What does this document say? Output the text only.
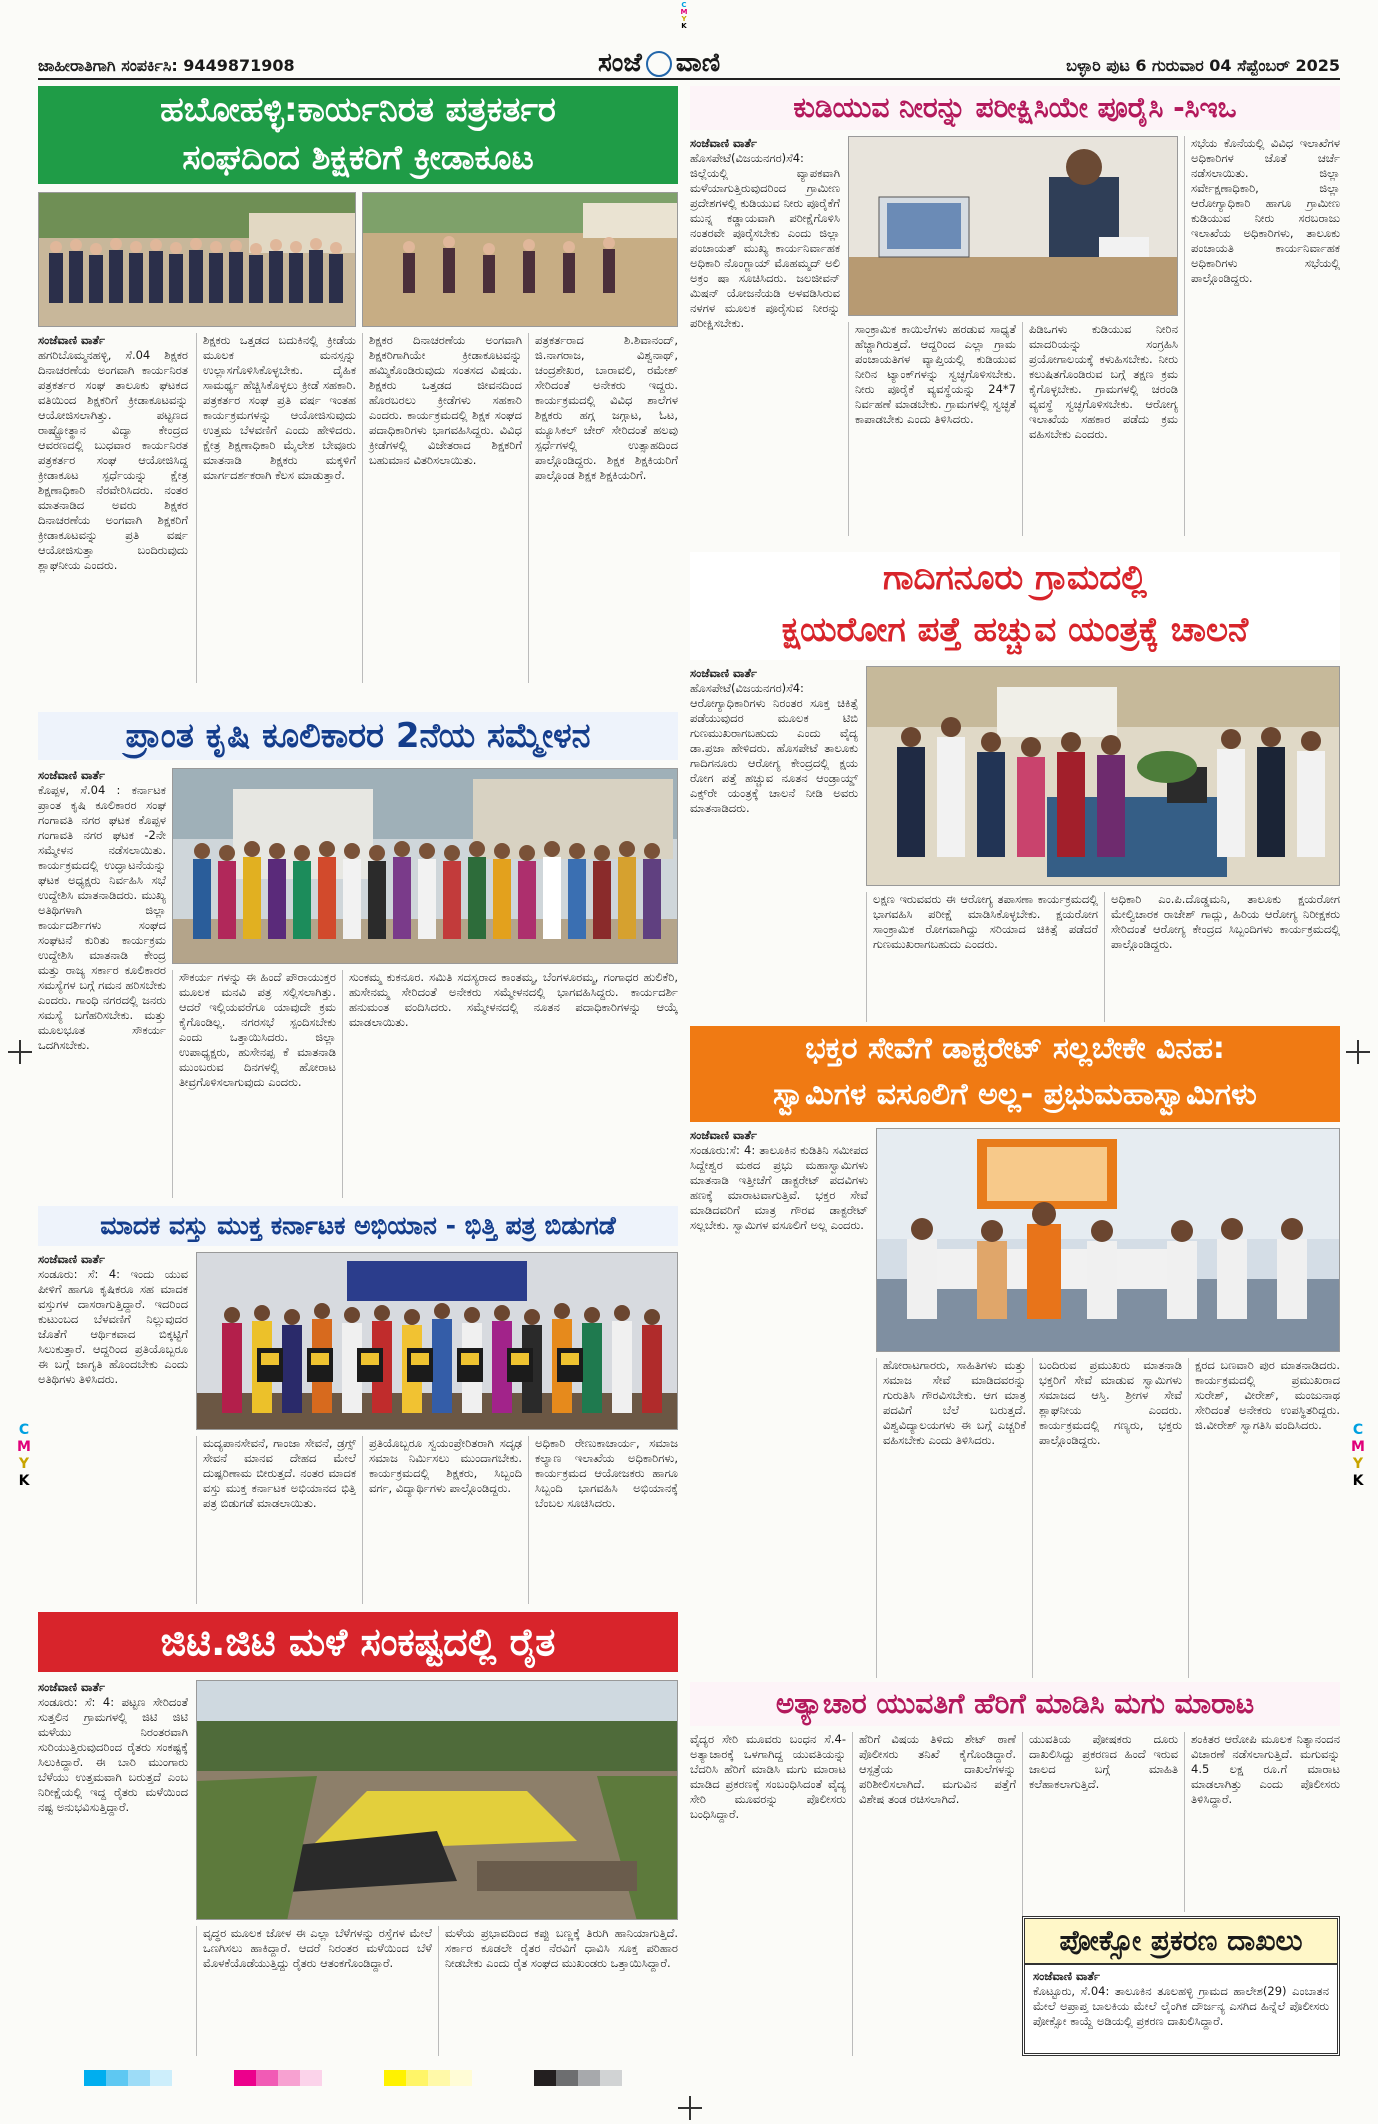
C
M
Y
K
C
M
Y
K
C
M
Y
K
ಜಾಹೀರಾತಿಗಾಗಿ ಸಂಪರ್ಕಿಸಿ: 9449871908	ಸಂಜೆ ವಾಣಿ	ಬಳ್ಳಾರಿ ಪುಟ 6 ಗುರುವಾರ 04 ಸೆಪ್ಟೆಂಬರ್ 2025
ಹಬೋಹಳ್ಳಿ:ಕಾರ್ಯನಿರತ ಪತ್ರಕರ್ತರ
ಸಂಘದಿಂದ ಶಿಕ್ಷಕರಿಗೆ ಕ್ರೀಡಾಕೂಟ
ಸಂಜೆವಾಣಿ ವಾರ್ತೆ
ಹಗರಿಬೊಮ್ಮನಹಳ್ಳಿ, ಸೆ.04 ಶಿಕ್ಷಕರ ದಿನಾಚರಣೆಯ ಅಂಗವಾಗಿ ಕಾರ್ಯನಿರತ ಪತ್ರಕರ್ತರ ಸಂಘ ತಾಲೂಕು ಘಟಕದ ವತಿಯಿಂದ ಶಿಕ್ಷಕರಿಗೆ ಕ್ರೀಡಾಕೂಟವನ್ನು ಆಯೋಜಿಸಲಾಗಿತ್ತು. ಪಟ್ಟಣದ ರಾಷ್ಟ್ರೋತ್ಥಾನ ವಿದ್ಯಾ ಕೇಂದ್ರದ ಆವರಣದಲ್ಲಿ ಬುಧವಾರ ಕಾರ್ಯನಿರತ ಪತ್ರಕರ್ತರ ಸಂಘ ಆಯೋಜಿಸಿದ್ದ ಕ್ರೀಡಾಕೂಟ ಸ್ಪರ್ಧೆಯನ್ನು ಕ್ಷೇತ್ರ ಶಿಕ್ಷಣಾಧಿಕಾರಿ ನೆರವೇರಿಸಿದರು. ನಂತರ ಮಾತನಾಡಿದ ಅವರು ಶಿಕ್ಷಕರ ದಿನಾಚರಣೆಯ ಅಂಗವಾಗಿ ಶಿಕ್ಷಕರಿಗೆ ಕ್ರೀಡಾಕೂಟವನ್ನು ಪ್ರತಿ ವರ್ಷ ಆಯೋಜಿಸುತ್ತಾ ಬಂದಿರುವುದು ಶ್ಲಾಘನೀಯ ಎಂದರು.
ಶಿಕ್ಷಕರು ಒತ್ತಡದ ಬದುಕಿನಲ್ಲಿ ಕ್ರೀಡೆಯ ಮೂಲಕ ಮನಸ್ಸನ್ನು ಉಲ್ಲಾಸಗೊಳಿಸಿಕೊಳ್ಳಬೇಕು. ದೈಹಿಕ ಸಾಮರ್ಥ್ಯ ಹೆಚ್ಚಿಸಿಕೊಳ್ಳಲು ಕ್ರೀಡೆ ಸಹಕಾರಿ. ಪತ್ರಕರ್ತರ ಸಂಘ ಪ್ರತಿ ವರ್ಷ ಇಂತಹ ಕಾರ್ಯಕ್ರಮಗಳನ್ನು ಆಯೋಜಿಸುವುದು ಉತ್ತಮ ಬೆಳವಣಿಗೆ ಎಂದು ಹೇಳಿದರು. ಕ್ಷೇತ್ರ ಶಿಕ್ಷಣಾಧಿಕಾರಿ ಮೈಲೇಶ ಬೇವೂರು ಮಾತನಾಡಿ ಶಿಕ್ಷಕರು ಮಕ್ಕಳಿಗೆ ಮಾರ್ಗದರ್ಶಕರಾಗಿ ಕೆಲಸ ಮಾಡುತ್ತಾರೆ.
ಶಿಕ್ಷಕರ ದಿನಾಚರಣೆಯ ಅಂಗವಾಗಿ ಶಿಕ್ಷಕರಿಗಾಗಿಯೇ ಕ್ರೀಡಾಕೂಟವನ್ನು ಹಮ್ಮಿಕೊಂಡಿರುವುದು ಸಂತಸದ ವಿಷಯ. ಶಿಕ್ಷಕರು ಒತ್ತಡದ ಜೀವನದಿಂದ ಹೊರಬರಲು ಕ್ರೀಡೆಗಳು ಸಹಕಾರಿ ಎಂದರು. ಕಾರ್ಯಕ್ರಮದಲ್ಲಿ ಶಿಕ್ಷಕ ಸಂಘದ ಪದಾಧಿಕಾರಿಗಳು ಭಾಗವಹಿಸಿದ್ದರು. ವಿವಿಧ ಕ್ರೀಡೆಗಳಲ್ಲಿ ವಿಜೇತರಾದ ಶಿಕ್ಷಕರಿಗೆ ಬಹುಮಾನ ವಿತರಿಸಲಾಯಿತು.
ಪತ್ರಕರ್ತರಾದ ಶಿ.ಶಿವಾನಂದ್, ಜಿ.ನಾಗರಾಜ, ವಿಶ್ವನಾಥ್, ಚಂದ್ರಶೇಖರ, ಬಾರಾವಲಿ, ರಮೇಶ್ ಸೇರಿದಂತೆ ಅನೇಕರು ಇದ್ದರು. ಕಾರ್ಯಕ್ರಮದಲ್ಲಿ ವಿವಿಧ ಶಾಲೆಗಳ ಶಿಕ್ಷಕರು ಹಗ್ಗ ಜಗ್ಗಾಟ, ಓಟ, ಮ್ಯೂಸಿಕಲ್ ಚೇರ್ ಸೇರಿದಂತೆ ಹಲವು ಸ್ಪರ್ಧೆಗಳಲ್ಲಿ ಉತ್ಸಾಹದಿಂದ ಪಾಲ್ಗೊಂಡಿದ್ದರು. ಶಿಕ್ಷಕ ಶಿಕ್ಷಕಿಯರಿಗೆ ಪಾಲ್ಗೊಂಡ ಶಿಕ್ಷಕ ಶಿಕ್ಷಕಿಯರಿಗೆ.
ಪ್ರಾಂತ ಕೃಷಿ ಕೂಲಿಕಾರರ 2ನೆಯ ಸಮ್ಮೇಳನ
ಸಂಜೆವಾಣಿ ವಾರ್ತೆ
ಕೊಪ್ಪಳ, ಸೆ.04 : ಕರ್ನಾಟಕ ಪ್ರಾಂತ ಕೃಷಿ ಕೂಲಿಕಾರರ ಸಂಘ ಗಂಗಾವತಿ ನಗರ ಘಟಕ ಕೊಪ್ಪಳ ಗಂಗಾವತಿ ನಗರ ಘಟಕ -2ನೇ ಸಮ್ಮೇಳನ ನಡೆಸಲಾಯಿತು. ಕಾರ್ಯಕ್ರಮದಲ್ಲಿ ಉದ್ಘಾಟನೆಯನ್ನು ಘಟಕ ಅಧ್ಯಕ್ಷರು ನಿರ್ವಹಿಸಿ ಸಭೆ ಉದ್ದೇಶಿಸಿ ಮಾತನಾಡಿದರು. ಮುಖ್ಯ ಅತಿಥಿಗಳಾಗಿ ಜಿಲ್ಲಾ ಕಾರ್ಯದರ್ಶಿಗಳು ಸಂಘದ ಸಂಘಟನೆ ಕುರಿತು ಕಾರ್ಯಕ್ರಮ ಉದ್ದೇಶಿಸಿ ಮಾತನಾಡಿ ಕೇಂದ್ರ ಮತ್ತು ರಾಜ್ಯ ಸರ್ಕಾರ ಕೂಲಿಕಾರರ ಸಮಸ್ಯೆಗಳ ಬಗ್ಗೆ ಗಮನ ಹರಿಸಬೇಕು ಎಂದರು. ಗಾಂಧಿ ನಗರದಲ್ಲಿ ಜನರು ಸಮಸ್ಯೆ ಬಗೆಹರಿಸಬೇಕು. ಮತ್ತು ಮೂಲಭೂತ ಸೌಕರ್ಯ ಒದಗಿಸಬೇಕು.
ಸೌಕರ್ಯ ಗಳನ್ನು ಈ ಹಿಂದೆ ಪೌರಾಯುಕ್ತರ ಮೂಲಕ ಮನವಿ ಪತ್ರ ಸಲ್ಲಿಸಲಾಗಿತ್ತು. ಆದರೆ ಇಲ್ಲಿಯವರೆಗೂ ಯಾವುದೇ ಕ್ರಮ ಕೈಗೊಂಡಿಲ್ಲ. ನಗರಸಭೆ ಸ್ಪಂದಿಸಬೇಕು ಎಂದು ಒತ್ತಾಯಿಸಿದರು. ಜಿಲ್ಲಾ ಉಪಾಧ್ಯಕ್ಷರು, ಹುಸೇನಪ್ಪ ಕೆ ಮಾತನಾಡಿ ಮುಂಬರುವ ದಿನಗಳಲ್ಲಿ ಹೋರಾಟ ತೀವ್ರಗೊಳಿಸಲಾಗುವುದು ಎಂದರು.
ಸುಂಕಮ್ಮ ಕುಕನೂರ. ಸಮಿತಿ ಸದಸ್ಯರಾದ ಕಾಂತಮ್ಮ, ಬೆಂಗಳೂರಮ್ಮ, ಗಂಗಾಧರ ಹುಲಿಕೆರಿ, ಹುಸೇನಮ್ಮ ಸೇರಿದಂತೆ ಅನೇಕರು ಸಮ್ಮೇಳನದಲ್ಲಿ ಭಾಗವಹಿಸಿದ್ದರು. ಕಾರ್ಯದರ್ಶಿ ಹನುಮಂತ ವಂದಿಸಿದರು. ಸಮ್ಮೇಳನದಲ್ಲಿ ನೂತನ ಪದಾಧಿಕಾರಿಗಳನ್ನು ಆಯ್ಕೆ ಮಾಡಲಾಯಿತು.
ಮಾದಕ ವಸ್ತು ಮುಕ್ತ ಕರ್ನಾಟಕ ಅಭಿಯಾನ - ಭಿತ್ತಿ ಪತ್ರ ಬಿಡುಗಡೆ
ಸಂಜೆವಾಣಿ ವಾರ್ತೆ
ಸಂಡೂರು: ಸೆ: 4: ಇಂದು ಯುವ ಪೀಳಿಗೆ ಹಾಗೂ ಕೃಷಿಕರೂ ಸಹ ಮಾದಕ ವಸ್ತುಗಳ ದಾಸರಾಗುತ್ತಿದ್ದಾರೆ. ಇದರಿಂದ ಕುಟುಂಬದ ಬೆಳವಣಿಗೆ ನಿಲ್ಲುವುದರ ಜೊತೆಗೆ ಆರ್ಥಿಕವಾದ ಬಿಕ್ಕಟ್ಟಿಗೆ ಸಿಲುಕುತ್ತಾರೆ. ಆದ್ದರಿಂದ ಪ್ರತಿಯೊಬ್ಬರೂ ಈ ಬಗ್ಗೆ ಜಾಗೃತಿ ಹೊಂದಬೇಕು ಎಂದು ಅತಿಥಿಗಳು ತಿಳಿಸಿದರು.
ಮದ್ಯಪಾನಸೇವನೆ, ಗಾಂಜಾ ಸೇವನೆ, ಡ್ರಗ್ಸ್ ಸೇವನೆ ಮಾನವ ದೇಹದ ಮೇಲೆ ದುಷ್ಪರಿಣಾಮ ಬೀರುತ್ತದೆ. ನಂತರ ಮಾದಕ ವಸ್ತು ಮುಕ್ತ ಕರ್ನಾಟಕ ಅಭಿಯಾನದ ಭಿತ್ತಿ ಪತ್ರ ಬಿಡುಗಡೆ ಮಾಡಲಾಯಿತು.
ಪ್ರತಿಯೊಬ್ಬರೂ ಸ್ವಯಂಪ್ರೇರಿತರಾಗಿ ಸದೃಢ ಸಮಾಜ ನಿರ್ಮಿಸಲು ಮುಂದಾಗಬೇಕು. ಕಾರ್ಯಕ್ರಮದಲ್ಲಿ ಶಿಕ್ಷಕರು, ಸಿಬ್ಬಂದಿ ವರ್ಗ, ವಿದ್ಯಾರ್ಥಿಗಳು ಪಾಲ್ಗೊಂಡಿದ್ದರು.
ಅಧಿಕಾರಿ ರೇಣುಕಾಚಾರ್ಯ, ಸಮಾಜ ಕಲ್ಯಾಣ ಇಲಾಖೆಯ ಅಧಿಕಾರಿಗಳು, ಕಾರ್ಯಕ್ರಮದ ಆಯೋಜಕರು ಹಾಗೂ ಸಿಬ್ಬಂದಿ ಭಾಗವಹಿಸಿ ಅಭಿಯಾನಕ್ಕೆ ಬೆಂಬಲ ಸೂಚಿಸಿದರು.
ಜಿಟಿ.ಜಿಟಿ ಮಳೆ ಸಂಕಷ್ಟದಲ್ಲಿ ರೈತ
ಸಂಜೆವಾಣಿ ವಾರ್ತೆ
ಸಂಡೂರು: ಸೆ: 4: ಪಟ್ಟಣ ಸೇರಿದಂತೆ ಸುತ್ತಲಿನ ಗ್ರಾಮಗಳಲ್ಲಿ ಜಿಟಿ ಜಿಟಿ ಮಳೆಯು ನಿರಂತರವಾಗಿ ಸುರಿಯುತ್ತಿರುವುದರಿಂದ ರೈತರು ಸಂಕಷ್ಟಕ್ಕೆ ಸಿಲುಕಿದ್ದಾರೆ. ಈ ಬಾರಿ ಮುಂಗಾರು ಬೆಳೆಯು ಉತ್ತಮವಾಗಿ ಬರುತ್ತದೆ ಎಂಬ ನಿರೀಕ್ಷೆಯಲ್ಲಿ ಇದ್ದ ರೈತರು ಮಳೆಯಿಂದ ನಷ್ಟ ಅನುಭವಿಸುತ್ತಿದ್ದಾರೆ.
ವೃದ್ಧರ ಮೂಲಕ ಜೋಳ ಈ ಎಲ್ಲಾ ಬೆಳೆಗಳನ್ನು ರಸ್ತೆಗಳ ಮೇಲೆ ಒಣಗಿಸಲು ಹಾಕಿದ್ದಾರೆ. ಆದರೆ ನಿರಂತರ ಮಳೆಯಿಂದ ಬೆಳೆ ಮೊಳಕೆಯೊಡೆಯುತ್ತಿದ್ದು ರೈತರು ಆತಂಕಗೊಂಡಿದ್ದಾರೆ.
ಮಳೆಯ ಪ್ರಭಾವದಿಂದ ಕಪ್ಪು ಬಣ್ಣಕ್ಕೆ ತಿರುಗಿ ಹಾನಿಯಾಗುತ್ತಿದೆ. ಸರ್ಕಾರ ಕೂಡಲೇ ರೈತರ ನೆರವಿಗೆ ಧಾವಿಸಿ ಸೂಕ್ತ ಪರಿಹಾರ ನೀಡಬೇಕು ಎಂದು ರೈತ ಸಂಘದ ಮುಖಂಡರು ಒತ್ತಾಯಿಸಿದ್ದಾರೆ.
ಕುಡಿಯುವ ನೀರನ್ನು ಪರೀಕ್ಷಿಸಿಯೇ ಪೂರೈಸಿ -ಸಿಇಒ
ಸಂಜೆವಾಣಿ ವಾರ್ತೆ
ಹೊಸಪೇಟೆ(ವಿಜಯನಗರ)ಸೆ4: ಜಿಲ್ಲೆಯಲ್ಲಿ ವ್ಯಾಪಕವಾಗಿ ಮಳೆಯಾಗುತ್ತಿರುವುದರಿಂದ ಗ್ರಾಮೀಣ ಪ್ರದೇಶಗಳಲ್ಲಿ ಕುಡಿಯುವ ನೀರು ಪೂರೈಕೆಗೆ ಮುನ್ನ ಕಡ್ಡಾಯವಾಗಿ ಪರೀಕ್ಷೆಗೊಳಿಸಿ ನಂತರವೇ ಪೂರೈಸಬೇಕು ಎಂದು ಜಿಲ್ಲಾ ಪಂಚಾಯತ್ ಮುಖ್ಯ ಕಾರ್ಯನಿರ್ವಾಹಕ ಅಧಿಕಾರಿ ನೊಂಗ್ಜಾಯ್ ಮೊಹಮ್ಮದ್ ಅಲಿ ಅಕ್ರಂ ಷಾ ಸೂಚಿಸಿದರು. ಜಲಜೀವನ್ ಮಿಷನ್ ಯೋಜನೆಯಡಿ ಅಳವಡಿಸಿರುವ ನಳಗಳ ಮೂಲಕ ಪೂರೈಸುವ ನೀರನ್ನು ಪರೀಕ್ಷಿಸಬೇಕು.	ಸಾಂಕ್ರಾಮಿಕ ಕಾಯಿಲೆಗಳು ಹರಡುವ ಸಾಧ್ಯತೆ ಹೆಚ್ಚಾಗಿರುತ್ತದೆ. ಆದ್ದರಿಂದ ಎಲ್ಲಾ ಗ್ರಾಮ ಪಂಚಾಯತಿಗಳ ವ್ಯಾಪ್ತಿಯಲ್ಲಿ ಕುಡಿಯುವ ನೀರಿನ ಟ್ಯಾಂಕ್‌ಗಳನ್ನು ಸ್ವಚ್ಛಗೊಳಿಸಬೇಕು. ನೀರು ಪೂರೈಕೆ ವ್ಯವಸ್ಥೆಯನ್ನು 24*7 ನಿರ್ವಹಣೆ ಮಾಡಬೇಕು. ಗ್ರಾಮಗಳಲ್ಲಿ ಸ್ವಚ್ಛತೆ ಕಾಪಾಡಬೇಕು ಎಂದು ತಿಳಿಸಿದರು.
ಪಿಡಿಒಗಳು ಕುಡಿಯುವ ನೀರಿನ ಮಾದರಿಯನ್ನು ಸಂಗ್ರಹಿಸಿ ಪ್ರಯೋಗಾಲಯಕ್ಕೆ ಕಳುಹಿಸಬೇಕು. ನೀರು ಕಲುಷಿತಗೊಂಡಿರುವ ಬಗ್ಗೆ ತಕ್ಷಣ ಕ್ರಮ ಕೈಗೊಳ್ಳಬೇಕು. ಗ್ರಾಮಗಳಲ್ಲಿ ಚರಂಡಿ ವ್ಯವಸ್ಥೆ ಸ್ವಚ್ಛಗೊಳಿಸಬೇಕು. ಆರೋಗ್ಯ ಇಲಾಖೆಯ ಸಹಕಾರ ಪಡೆದು ಕ್ರಮ ವಹಿಸಬೇಕು ಎಂದರು.
ಸಭೆಯ ಕೊನೆಯಲ್ಲಿ ವಿವಿಧ ಇಲಾಖೆಗಳ ಅಧಿಕಾರಿಗಳ ಜೊತೆ ಚರ್ಚೆ ನಡೆಸಲಾಯಿತು. ಜಿಲ್ಲಾ ಸರ್ವೇಕ್ಷಣಾಧಿಕಾರಿ, ಜಿಲ್ಲಾ ಆರೋಗ್ಯಾಧಿಕಾರಿ ಹಾಗೂ ಗ್ರಾಮೀಣ ಕುಡಿಯುವ ನೀರು ಸರಬರಾಜು ಇಲಾಖೆಯ ಅಧಿಕಾರಿಗಳು, ತಾಲೂಕು ಪಂಚಾಯತಿ ಕಾರ್ಯನಿರ್ವಾಹಕ ಅಧಿಕಾರಿಗಳು ಸಭೆಯಲ್ಲಿ ಪಾಲ್ಗೊಂಡಿದ್ದರು.
ಗಾದಿಗನೂರು ಗ್ರಾಮದಲ್ಲಿ
ಕ್ಷಯರೋಗ ಪತ್ತೆ ಹಚ್ಚುವ ಯಂತ್ರಕ್ಕೆ ಚಾಲನೆ
ಸಂಜೆವಾಣಿ ವಾರ್ತೆ
ಹೊಸಪೇಟೆ(ವಿಜಯನಗರ)ಸೆ4: ಆರೋಗ್ಯಾಧಿಕಾರಿಗಳು ನಿರಂತರ ಸೂಕ್ತ ಚಿಕಿತ್ಸೆ ಪಡೆಯುವುದರ ಮೂಲಕ ಟಿಬಿ ಗುಣಮುಖರಾಗಬಹುದು ಎಂದು ವೈದ್ಯ ಡಾ.ಪ್ರಜಾ ಹೇಳಿದರು. ಹೊಸಪೇಟೆ ತಾಲೂಕು ಗಾದಿಗನೂರು ಆರೋಗ್ಯ ಕೇಂದ್ರದಲ್ಲಿ ಕ್ಷಯ ರೋಗ ಪತ್ತೆ ಹಚ್ಚುವ ನೂತನ ಆಂಡ್ರಾಯ್ಡ್ ಎಕ್ಸ್‌ರೇ ಯಂತ್ರಕ್ಕೆ ಚಾಲನೆ ನೀಡಿ ಅವರು ಮಾತನಾಡಿದರು.
ಲಕ್ಷಣ ಇರುವವರು ಈ ಆರೋಗ್ಯ ತಪಾಸಣಾ ಕಾರ್ಯಕ್ರಮದಲ್ಲಿ ಭಾಗವಹಿಸಿ ಪರೀಕ್ಷೆ ಮಾಡಿಸಿಕೊಳ್ಳಬೇಕು. ಕ್ಷಯರೋಗ ಸಾಂಕ್ರಾಮಿಕ ರೋಗವಾಗಿದ್ದು ಸರಿಯಾದ ಚಿಕಿತ್ಸೆ ಪಡೆದರೆ ಗುಣಮುಖರಾಗಬಹುದು ಎಂದರು.
ಅಧಿಕಾರಿ ಎಂ.ಪಿ.ದೊಡ್ಡಮನಿ, ತಾಲೂಕು ಕ್ಷಯರೋಗ ಮೇಲ್ವಿಚಾರಕ ರಾಜೇಶ್ ಗಾದ್ಲು, ಹಿರಿಯ ಆರೋಗ್ಯ ನಿರೀಕ್ಷಕರು ಸೇರಿದಂತೆ ಆರೋಗ್ಯ ಕೇಂದ್ರದ ಸಿಬ್ಬಂದಿಗಳು ಕಾರ್ಯಕ್ರಮದಲ್ಲಿ ಪಾಲ್ಗೊಂಡಿದ್ದರು.
ಭಕ್ತರ ಸೇವೆಗೆ ಡಾಕ್ಟರೇಟ್ ಸಲ್ಲಬೇಕೇ ವಿನಹ:
ಸ್ವಾಮಿಗಳ ವಸೂಲಿಗೆ ಅಲ್ಲ- ಪ್ರಭುಮಹಾಸ್ವಾಮಿಗಳು
ಸಂಜೆವಾಣಿ ವಾರ್ತೆ
ಸಂಡೂರು:ಸೆ: 4: ತಾಲೂಕಿನ ಕುಡಿತಿನಿ ಸಮೀಪದ ಸಿದ್ದೇಶ್ವರ ಮಠದ ಪ್ರಭು ಮಹಾಸ್ವಾಮಿಗಳು ಮಾತನಾಡಿ ಇತ್ತೀಚೆಗೆ ಡಾಕ್ಟರೇಟ್ ಪದವಿಗಳು ಹಣಕ್ಕೆ ಮಾರಾಟವಾಗುತ್ತಿವೆ. ಭಕ್ತರ ಸೇವೆ ಮಾಡಿದವರಿಗೆ ಮಾತ್ರ ಗೌರವ ಡಾಕ್ಟರೇಟ್ ಸಲ್ಲಬೇಕು. ಸ್ವಾಮಿಗಳ ವಸೂಲಿಗೆ ಅಲ್ಲ ಎಂದರು.
ಹೋರಾಟಗಾರರು, ಸಾಹಿತಿಗಳು ಮತ್ತು ಸಮಾಜ ಸೇವೆ ಮಾಡಿದವರನ್ನು ಗುರುತಿಸಿ ಗೌರವಿಸಬೇಕು. ಆಗ ಮಾತ್ರ ಪದವಿಗೆ ಬೆಲೆ ಬರುತ್ತದೆ. ವಿಶ್ವವಿದ್ಯಾಲಯಗಳು ಈ ಬಗ್ಗೆ ಎಚ್ಚರಿಕೆ ವಹಿಸಬೇಕು ಎಂದು ತಿಳಿಸಿದರು.
ಬಂದಿರುವ ಪ್ರಮುಖರು ಮಾತನಾಡಿ ಭಕ್ತರಿಗೆ ಸೇವೆ ಮಾಡುವ ಸ್ವಾಮಿಗಳು ಸಮಾಜದ ಆಸ್ತಿ. ಶ್ರೀಗಳ ಸೇವೆ ಶ್ಲಾಘನೀಯ ಎಂದರು. ಕಾರ್ಯಕ್ರಮದಲ್ಲಿ ಗಣ್ಯರು, ಭಕ್ತರು ಪಾಲ್ಗೊಂಡಿದ್ದರು.
ಕ್ಷರದ ಬಣವಾರಿ ಪುರ ಮಾತನಾಡಿದರು. ಕಾರ್ಯಕ್ರಮದಲ್ಲಿ ಪ್ರಮುಖರಾದ ಸುರೇಶ್, ವೀರೇಶ್, ಮಂಜುನಾಥ ಸೇರಿದಂತೆ ಅನೇಕರು ಉಪಸ್ಥಿತರಿದ್ದರು. ಜಿ.ವೀರೇಶ್ ಸ್ವಾಗತಿಸಿ ವಂದಿಸಿದರು.
ಅತ್ಯಾಚಾರ ಯುವತಿಗೆ ಹೆರಿಗೆ ಮಾಡಿಸಿ ಮಗು ಮಾರಾಟ
ವೈದ್ಯರ ಸೇರಿ ಮೂವರು ಬಂಧನ ಸೆ.4- ಅತ್ಯಾಚಾರಕ್ಕೆ ಒಳಗಾಗಿದ್ದ ಯುವತಿಯನ್ನು ಬೆದರಿಸಿ ಹೆರಿಗೆ ಮಾಡಿಸಿ ಮಗು ಮಾರಾಟ ಮಾಡಿದ ಪ್ರಕರಣಕ್ಕೆ ಸಂಬಂಧಿಸಿದಂತೆ ವೈದ್ಯ ಸೇರಿ ಮೂವರನ್ನು ಪೊಲೀಸರು ಬಂಧಿಸಿದ್ದಾರೆ.
ಹೆರಿಗೆ ವಿಷಯ ತಿಳಿದು ಶೇಟ್ ಠಾಣೆ ಪೊಲೀಸರು ತನಿಖೆ ಕೈಗೊಂಡಿದ್ದಾರೆ. ಆಸ್ಪತ್ರೆಯ ದಾಖಲೆಗಳನ್ನು ಪರಿಶೀಲಿಸಲಾಗಿದೆ. ಮಗುವಿನ ಪತ್ತೆಗೆ ವಿಶೇಷ ತಂಡ ರಚಿಸಲಾಗಿದೆ.
ಯುವತಿಯ ಪೋಷಕರು ದೂರು ದಾಖಲಿಸಿದ್ದು ಪ್ರಕರಣದ ಹಿಂದೆ ಇರುವ ಜಾಲದ ಬಗ್ಗೆ ಮಾಹಿತಿ ಕಲೆಹಾಕಲಾಗುತ್ತಿದೆ.
ಶಂಕಿತರ ಆರೋಪಿ ಮೂಲಕ ನಿತ್ಯಾನಂದನ ವಿಚಾರಣೆ ನಡೆಸಲಾಗುತ್ತಿದೆ. ಮಗುವನ್ನು 4.5 ಲಕ್ಷ ರೂ.ಗೆ ಮಾರಾಟ ಮಾಡಲಾಗಿತ್ತು ಎಂದು ಪೊಲೀಸರು ತಿಳಿಸಿದ್ದಾರೆ.
ಪೋಕ್ಸೋ ಪ್ರಕರಣ ದಾಖಲು
ಸಂಜೆವಾಣಿ ವಾರ್ತೆ
ಕೊಟ್ಟೂರು, ಸೆ.04: ತಾಲೂಕಿನ ತೂಲಹಳ್ಳಿ ಗ್ರಾಮದ ಹಾಲೇಶ(29) ಎಂಬಾತನ ಮೇಲೆ ಅಪ್ರಾಪ್ತ ಬಾಲಕಿಯ ಮೇಲೆ ಲೈಂಗಿಕ ದೌರ್ಜನ್ಯ ಎಸಗಿದ ಹಿನ್ನೆಲೆ ಪೊಲೀಸರು ಪೋಕ್ಸೋ ಕಾಯ್ದೆ ಅಡಿಯಲ್ಲಿ ಪ್ರಕರಣ ದಾಖಲಿಸಿದ್ದಾರೆ.
